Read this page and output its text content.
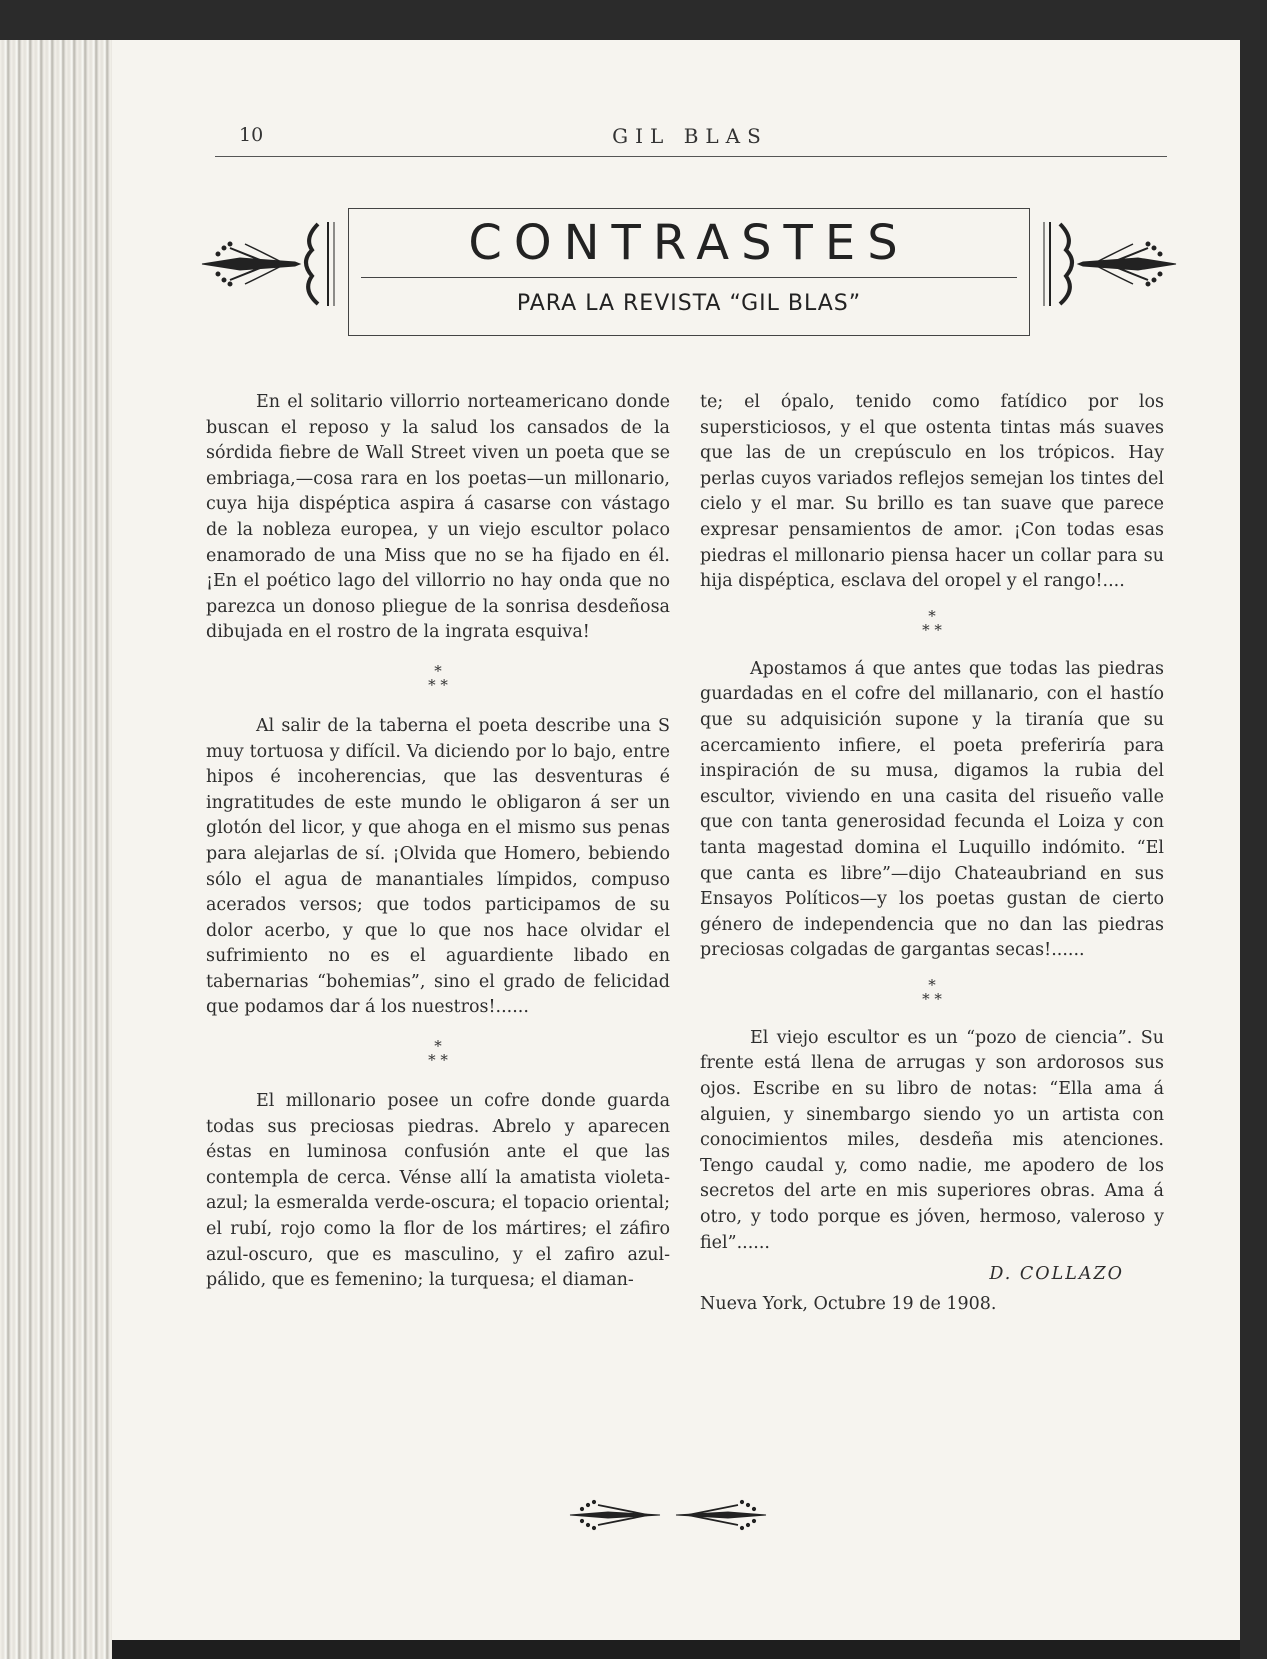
10	GIL BLAS
CONTRASTES
PARA LA REVISTA “GIL BLAS”

En el solitario villorrio norteamericano donde buscan el reposo y la salud los cansados de la sórdida fiebre de Wall Street viven un poeta que se embriaga,—cosa rara en los poetas—un millonario, cuya hija dispéptica aspira á casarse con vástago de la nobleza europea, y un viejo escultor polaco enamorado de una Miss que no se ha fijado en él. ¡En el poético lago del villorrio no hay onda que no parezca un donoso pliegue de la sonrisa desdeñosa dibujada en el rostro de la ingrata esquiva!

*
* *

Al salir de la taberna el poeta describe una S muy tortuosa y difícil. Va diciendo por lo bajo, entre hipos é incoherencias, que las desventuras é ingratitudes de este mundo le obligaron á ser un glotón del licor, y que ahoga en el mismo sus penas para alejarlas de sí. ¡Olvida que Homero, bebiendo sólo el agua de manantiales límpidos, compuso acerados versos; que todos participamos de su dolor acerbo, y que lo que nos hace olvidar el sufrimiento no es el aguardiente libado en tabernarias “bohemias”, sino el grado de felicidad que podamos dar á los nuestros!......

*
* *

El millonario posee un cofre donde guarda todas sus preciosas piedras. Abrelo y aparecen éstas en luminosa confusión ante el que las contempla de cerca. Vénse allí la amatista violeta-azul; la esmeralda verde-oscura; el topacio oriental; el rubí, rojo como la flor de los mártires; el záfiro azul-oscuro, que es masculino, y el zafiro azul-pálido, que es femenino; la turquesa; el diaman-

te; el ópalo, tenido como fatídico por los supersticiosos, y el que ostenta tintas más suaves que las de un crepúsculo en los trópicos. Hay perlas cuyos variados reflejos semejan los tintes del cielo y el mar. Su brillo es tan suave que parece expresar pensamientos de amor. ¡Con todas esas piedras el millonario piensa hacer un collar para su hija dispéptica, esclava del oropel y el rango!....

*
* *

Apostamos á que antes que todas las piedras guardadas en el cofre del millanario, con el hastío que su adquisición supone y la tiranía que su acercamiento infiere, el poeta preferiría para inspiración de su musa, digamos la rubia del escultor, viviendo en una casita del risueño valle que con tanta generosidad fecunda el Loiza y con tanta magestad domina el Luquillo indómito. “El que canta es libre”—dijo Chateaubriand en sus Ensayos Políticos—y los poetas gustan de cierto género de independencia que no dan las piedras preciosas colgadas de gargantas secas!......

*
* *

El viejo escultor es un “pozo de ciencia”. Su frente está llena de arrugas y son ardorosos sus ojos. Escribe en su libro de notas: “Ella ama á alguien, y sinembargo siendo yo un artista con conocimientos miles, desdeña mis atenciones. Tengo caudal y, como nadie, me apodero de los secretos del arte en mis superiores obras. Ama á otro, y todo porque es jóven, hermoso, valeroso y fiel”......

D. COLLAZO

Nueva York, Octubre 19 de 1908.
